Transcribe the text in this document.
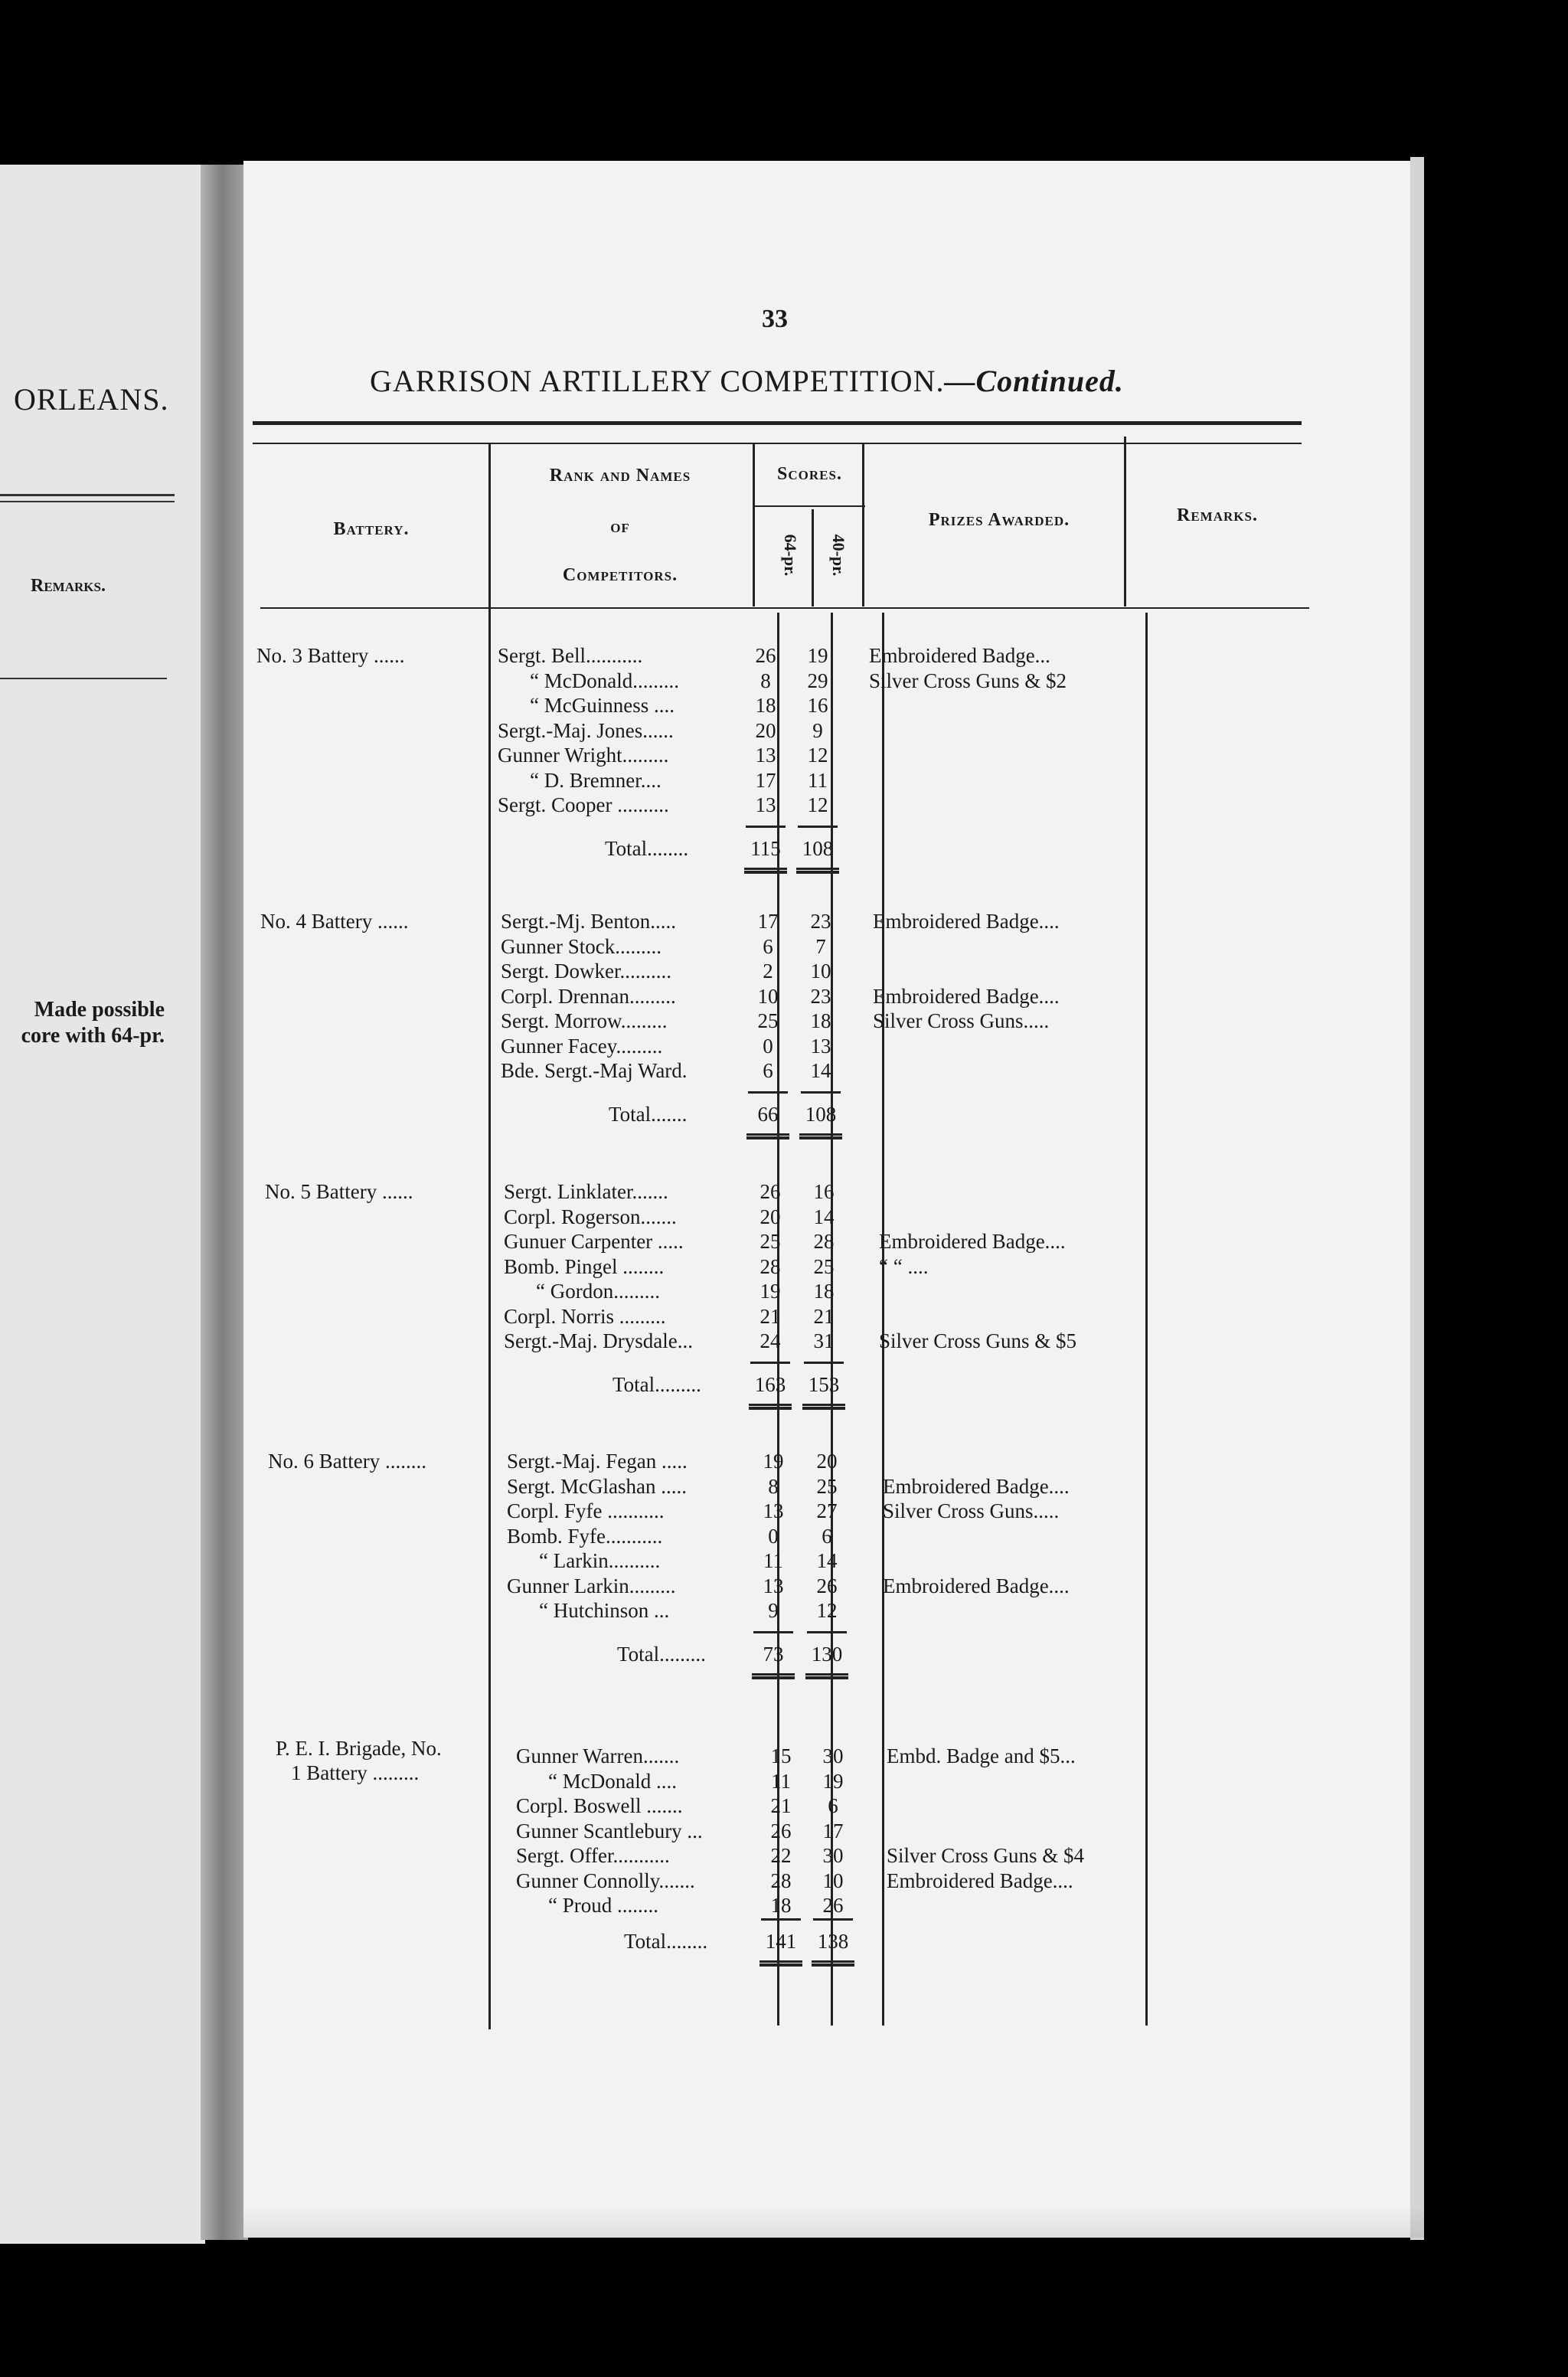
ORLEANS.
Remarks.
Made possible
core with 64-pr.
33
GARRISON ARTILLERY COMPETITION.—Continued.
Battery.
Rank and Names
of
Competitors.
Scores.
64-pr. 40-pr.
Prizes Awarded.	Remarks.
No. 3 Battery ......	Sergt. Bell...........	26	19	Embroidered Badge...
“ McDonald.........	8	29	Silver Cross Guns & $2
“ McGuinness ....	18	16
Sergt.-Maj. Jones......	20	9
Gunner Wright.........	13	12
“ D. Bremner....	17	11
Sergt. Cooper ..........	13	12
Total........	115	108
No. 4 Battery ......	Sergt.-Mj. Benton.....	17	23	Embroidered Badge....
Gunner Stock.........	6	7
Sergt. Dowker..........	2	10
Corpl. Drennan.........	10	23	Embroidered Badge....
Sergt. Morrow.........	25	18	Silver Cross Guns.....
Gunner Facey.........	0	13
Bde. Sergt.-Maj Ward.	6	14
Total.......	66	108
No. 5 Battery ......	Sergt. Linklater.......	26	16
Corpl. Rogerson.......	20	14
Gunuer Carpenter .....	25	28	Embroidered Badge....
Bomb. Pingel ........	28	25	“ “ ....
“ Gordon.........	19	18
Corpl. Norris .........	21	21
Sergt.-Maj. Drysdale...	24	31	Silver Cross Guns & $5
Total.........	163 153
No. 6 Battery ........	Sergt.-Maj. Fegan .....	19	20
Sergt. McGlashan .....	8	25	Embroidered Badge....
Corpl. Fyfe ...........	13	27	Silver Cross Guns.....
Bomb. Fyfe...........	0	6
“ Larkin..........	11	14
Gunner Larkin.........	13	26	Embroidered Badge....
“ Hutchinson ...	9	12
Total.........	73	130
P. E. I. Brigade, No.
1 Battery .........
Gunner Warren.......	15	30	Embd. Badge and $5...
“ McDonald ....	11	19
Corpl. Boswell .......	21	6
Gunner Scantlebury ...	26	17
Sergt. Offer...........	22	30	Silver Cross Guns & $4
Gunner Connolly.......	28	10	Embroidered Badge....
“ Proud ........	18	26
Total........	141 138
